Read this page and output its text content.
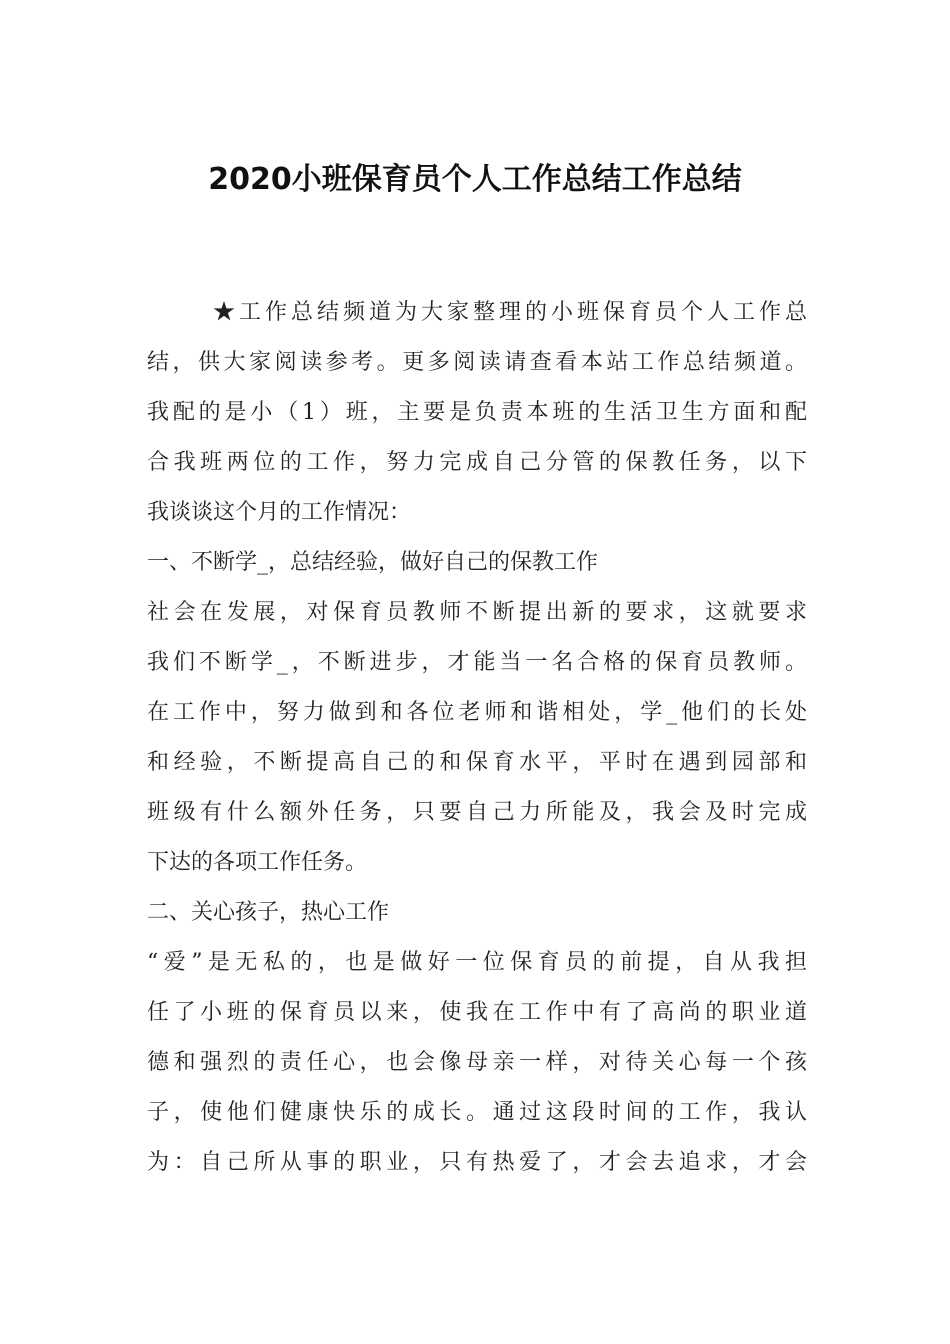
2020小班保育员个人工作总结工作总结
★工作总结频道为大家整理的小班保育员个人工作总
结，供大家阅读参考。更多阅读请查看本站工作总结频道。
我配的是小（1）班，主要是负责本班的生活卫生方面和配
合我班两位的工作，努力完成自己分管的保教任务，以下
我谈谈这个月的工作情况：
一、不断学_，总结经验，做好自己的保教工作
社会在发展，对保育员教师不断提出新的要求，这就要求
我们不断学_，不断进步，才能当一名合格的保育员教师。
在工作中，努力做到和各位老师和谐相处，学_他们的长处
和经验，不断提高自己的和保育水平，平时在遇到园部和
班级有什么额外任务，只要自己力所能及，我会及时完成
下达的各项工作任务。
二、关心孩子，热心工作
“爱”是无私的，也是做好一位保育员的前提，自从我担
任了小班的保育员以来，使我在工作中有了高尚的职业道
德和强烈的责任心，也会像母亲一样，对待关心每一个孩
子，使他们健康快乐的成长。通过这段时间的工作，我认
为：自己所从事的职业，只有热爱了，才会去追求，才会
